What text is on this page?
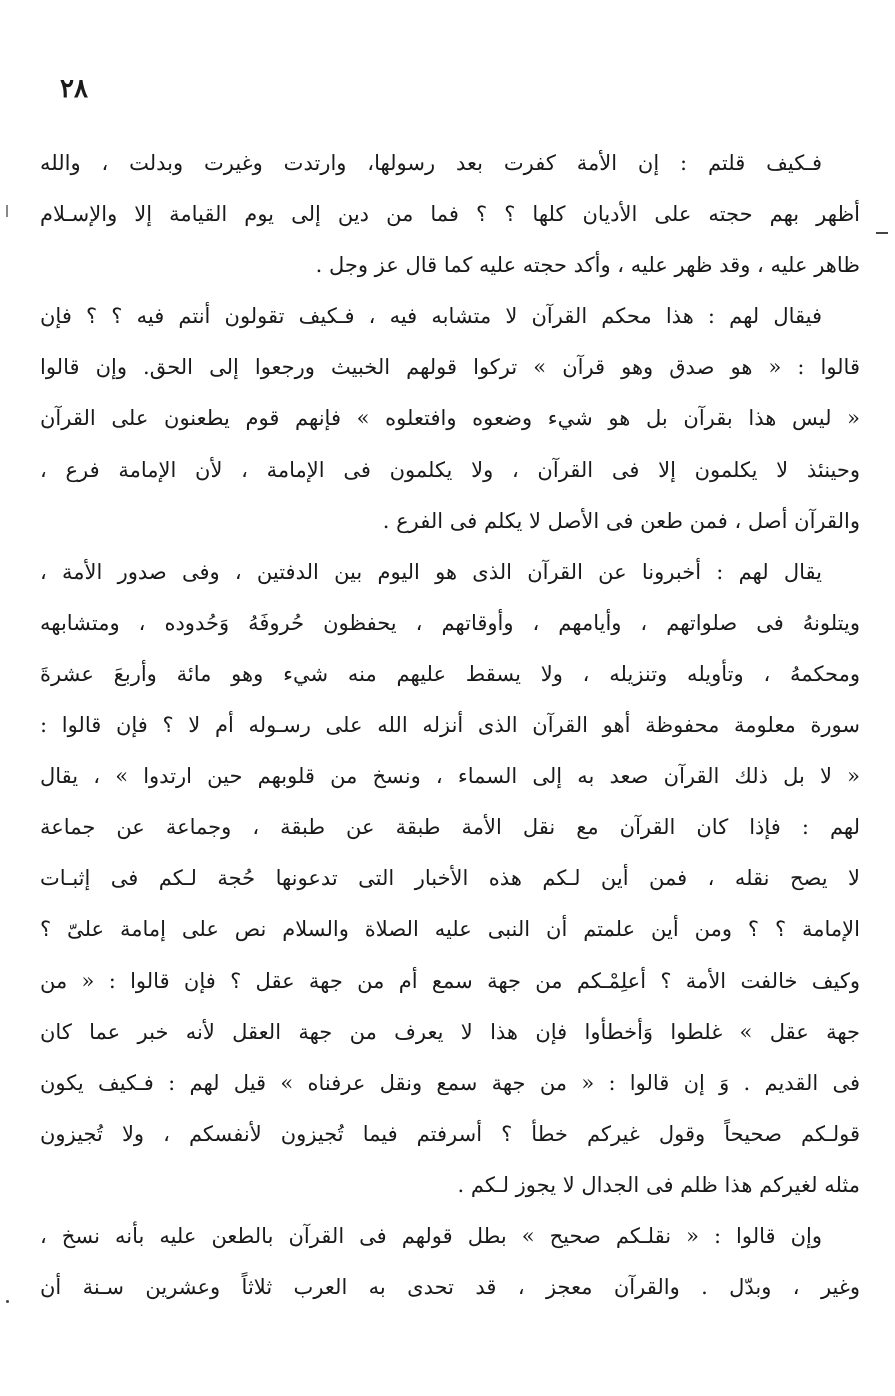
٢٨
فـكيف قلتم : إن الأمة كفرت بعد رسولها، وارتدت وغيرت وبدلت ، والله
أظهر بهم حجته على الأديان كلها ؟ ؟ فما من دين إلى يوم القيامة إلا والإسـلام
ظاهر عليه ، وقد ظهر عليه ، وأكد حجته عليه كما قال عز وجل .
فيقال لهم : هذا محكم القرآن لا متشابه فيه ، فـكيف تقولون أنتم فيه ؟ ؟ فإن
قالوا : « هو صدق وهو قرآن » تركوا قولهم الخبيث ورجعوا إلى الحق. وإن قالوا
« ليس هذا بقرآن بل هو شيء وضعوه وافتعلوه » فإنهم قوم يطعنون على القرآن
وحينئذ لا يكلمون إلا فى القرآن ، ولا يكلمون فى الإمامة ، لأن الإمامة فرع ،
والقرآن أصل ، فمن طعن فى الأصل لا يكلم فى الفرع .
يقال لهم : أخبرونا عن القرآن الذى هو اليوم بين الدفتين ، وفى صدور الأمة ،
ويتلونهُ فى صلواتهم ، وأيامهم ، وأوقاتهم ، يحفظون حُروفَهُ وَحُدوده ، ومتشابهه
ومحكمهُ ، وتأويله وتنزيله ، ولا يسقط عليهم منه شيء وهو مائة وأربعَ عشرةَ
سورة معلومة محفوظة أهو القرآن الذى أنزله الله على رسـوله أم لا ؟ فإن قالوا :
« لا بل ذلك القرآن صعد به إلى السماء ، ونسخ من قلوبهم حين ارتدوا » ، يقال
لهم : فإذا كان القرآن مع نقل الأمة طبقة عن طبقة ، وجماعة عن جماعة
لا يصح نقله ، فمن أين لـكم هذه الأخبار التى تدعونها حُجة لـكم فى إثبـات
الإمامة ؟ ؟ ومن أين علمتم أن النبى عليه الصلاة والسلام نص على إمامة علىّ ؟
وكيف خالفت الأمة ؟ أعلِمْـكم من جهة سمع أم من جهة عقل ؟ فإن قالوا : « من
جهة عقل » غلطوا وَأخطأوا فإن هذا لا يعرف من جهة العقل لأنه خبر عما كان
فى القديم . وَ إن قالوا : « من جهة سمع ونقل عرفناه » قيل لهم : فـكيف يكون
قولـكم صحيحاً وقول غيركم خطأ ؟ أسرفتم فيما تُجيزون لأنفسكم ، ولا تُجيزون
مثله لغيركم هذا ظلم فى الجدال لا يجوز لـكم .
وإن قالوا : « نقلـكم صحيح » بطل قولهم فى القرآن بالطعن عليه بأنه نسخ ،
وغير ، وبدّل . والقرآن معجز ، قد تحدى به العرب ثلاثاً وعشرين سـنة أن
